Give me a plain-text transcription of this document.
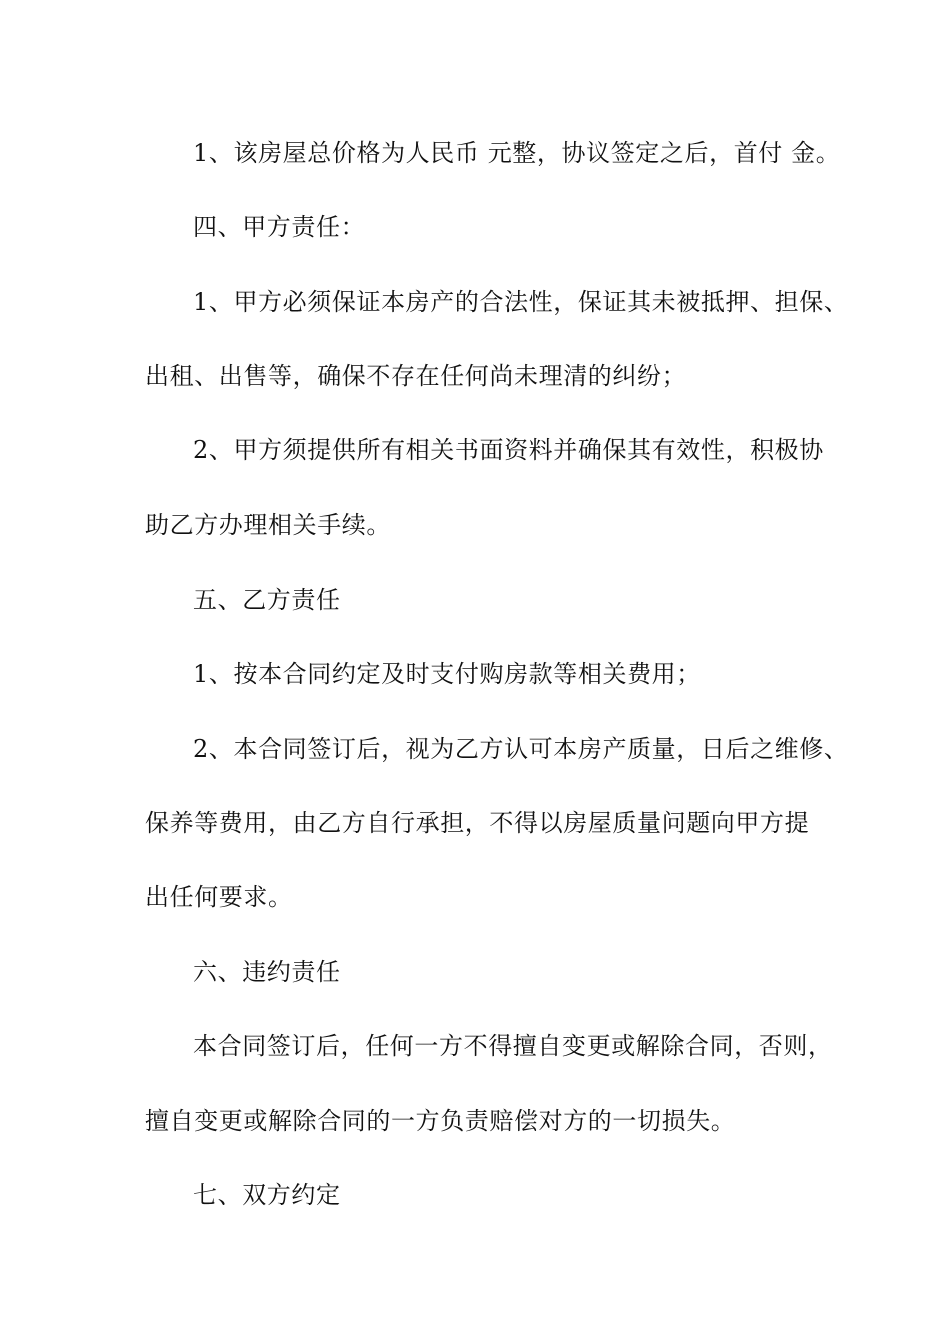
1、该房屋总价格为人民币 元整，协议签定之后，首付 金。
四、甲方责任：
1、甲方必须保证本房产的合法性，保证其未被抵押、担保、
出租、出售等，确保不存在任何尚未理清的纠纷；
2、甲方须提供所有相关书面资料并确保其有效性，积极协
助乙方办理相关手续。
五、乙方责任
1、按本合同约定及时支付购房款等相关费用；
2、本合同签订后，视为乙方认可本房产质量，日后之维修、
保养等费用，由乙方自行承担，不得以房屋质量问题向甲方提
出任何要求。
六、违约责任
本合同签订后，任何一方不得擅自变更或解除合同，否则，
擅自变更或解除合同的一方负责赔偿对方的一切损失。
七、双方约定
